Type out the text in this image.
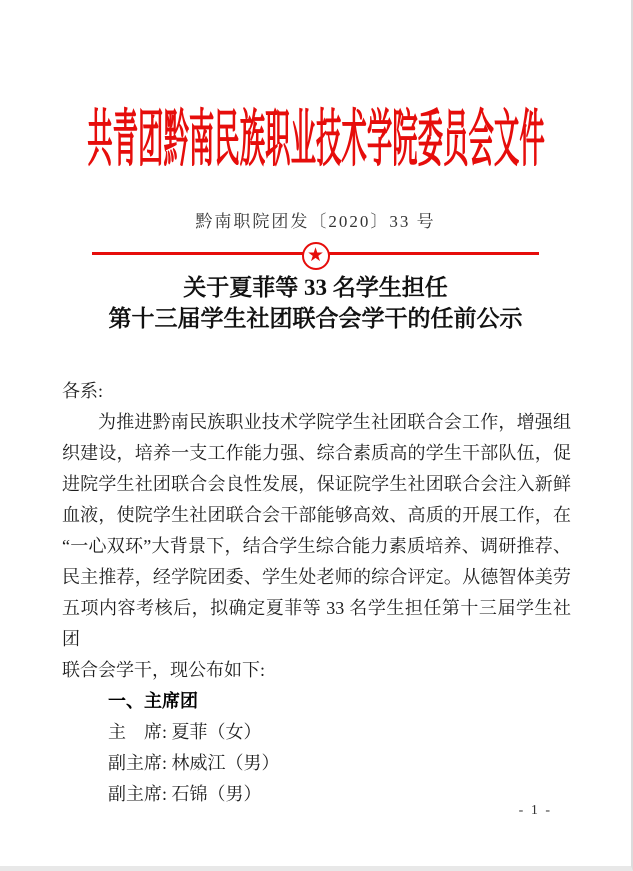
共青团黔南民族职业技术学院委员会文件
黔南职院团发〔2020〕33 号
★
关于夏菲等 33 名学生担任
第十三届学生社团联合会学干的任前公示
各系:
为推进黔南民族职业技术学院学生社团联合会工作，增强组
织建设，培养一支工作能力强、综合素质高的学生干部队伍，促
进院学生社团联合会良性发展，保证院学生社团联合会注入新鲜
血液，使院学生社团联合会干部能够高效、高质的开展工作，在
“一心双环”大背景下，结合学生综合能力素质培养、调研推荐、
民主推荐，经学院团委、学生处老师的综合评定。从德智体美劳
五项内容考核后，拟确定夏菲等 33 名学生担任第十三届学生社团
联合会学干，现公布如下:
一、主席团
主　席: 夏菲（女）
副主席: 林威江（男）
副主席: 石锦（男）
- 1 -
